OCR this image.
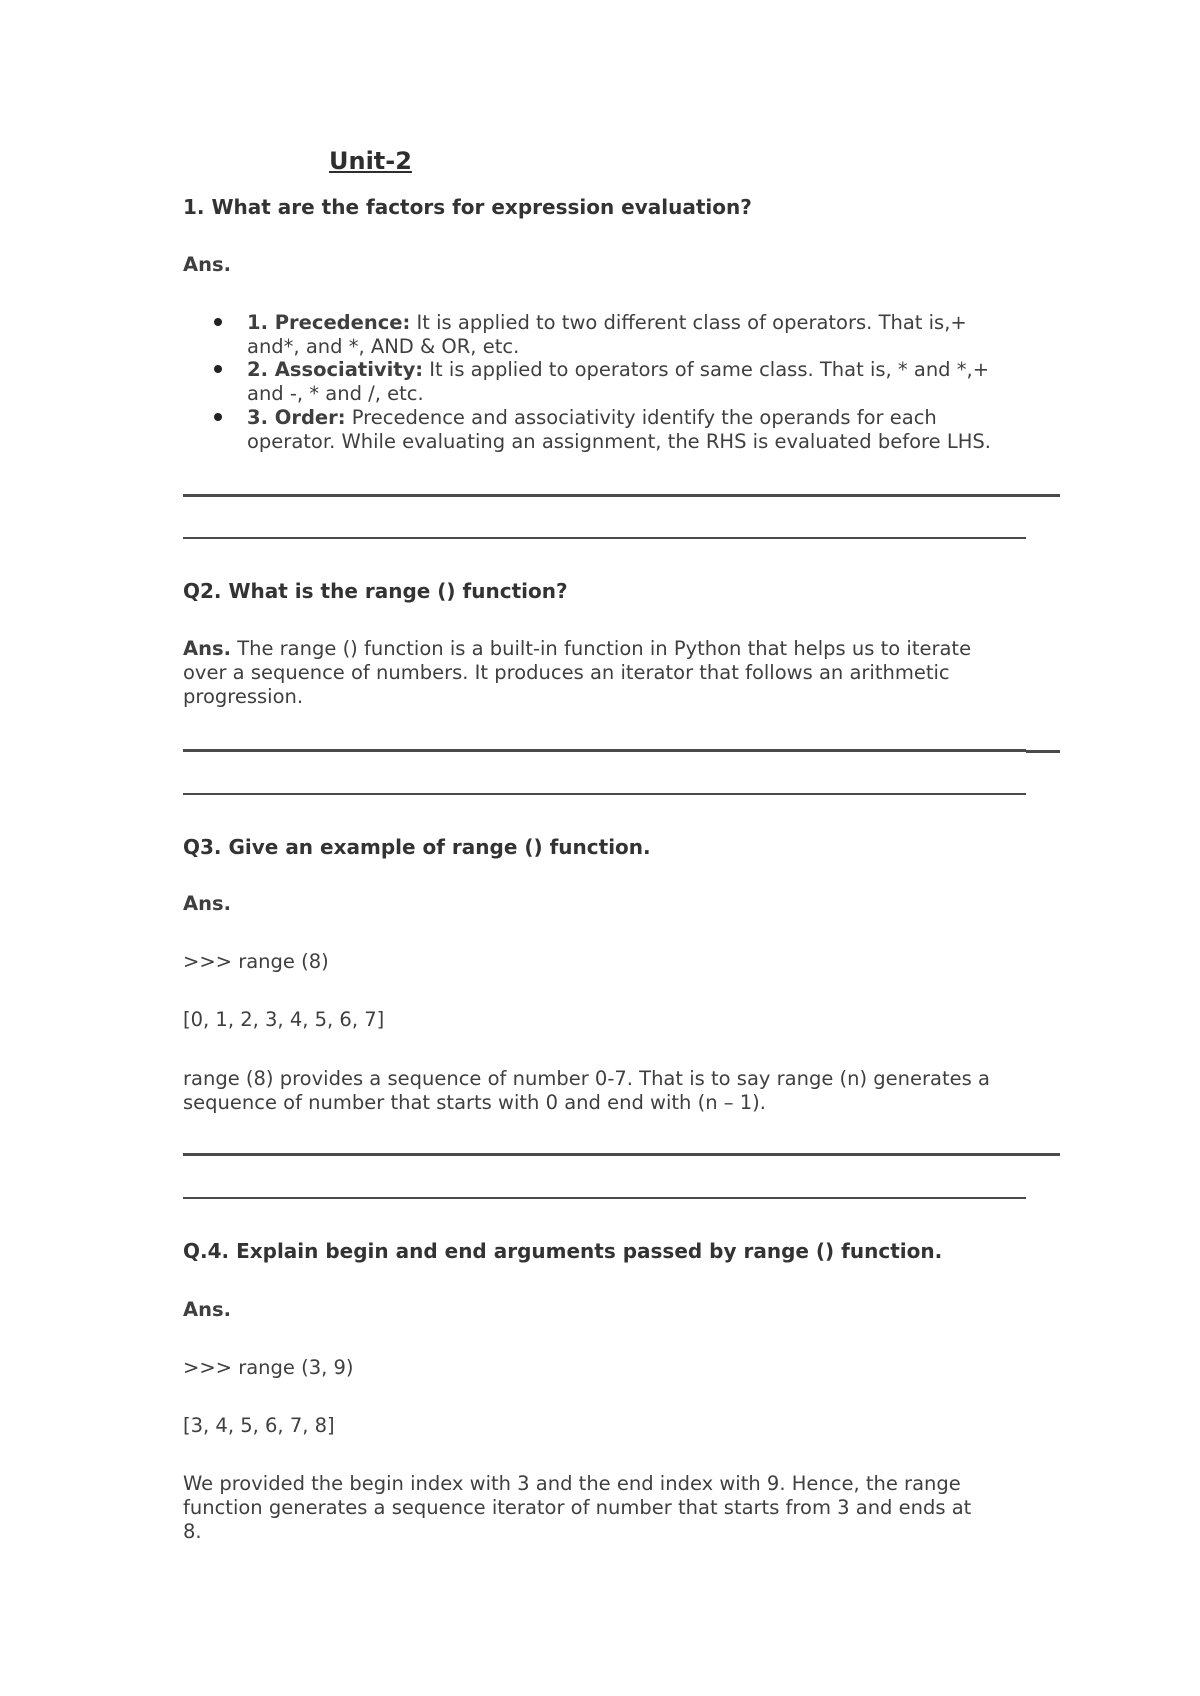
Unit-2
1. What are the factors for expression evaluation?
Ans.
1. Precedence: It is applied to two different class of operators. That is,+
and*, and *, AND & OR, etc.
2. Associativity: It is applied to operators of same class. That is, * and *,+
and -, * and /, etc.
3. Order: Precedence and associativity identify the operands for each
operator. While evaluating an assignment, the RHS is evaluated before LHS.
Q2. What is the range () function?
Ans. The range () function is a built-in function in Python that helps us to iterate
over a sequence of numbers. It produces an iterator that follows an arithmetic
progression.
Q3. Give an example of range () function.
Ans.
>>> range (8)
[0, 1, 2, 3, 4, 5, 6, 7]
range (8) provides a sequence of number 0-7. That is to say range (n) generates a
sequence of number that starts with 0 and end with (n – 1).
Q.4. Explain begin and end arguments passed by range () function.
Ans.
>>> range (3, 9)
[3, 4, 5, 6, 7, 8]
We provided the begin index with 3 and the end index with 9. Hence, the range
function generates a sequence iterator of number that starts from 3 and ends at
8.
